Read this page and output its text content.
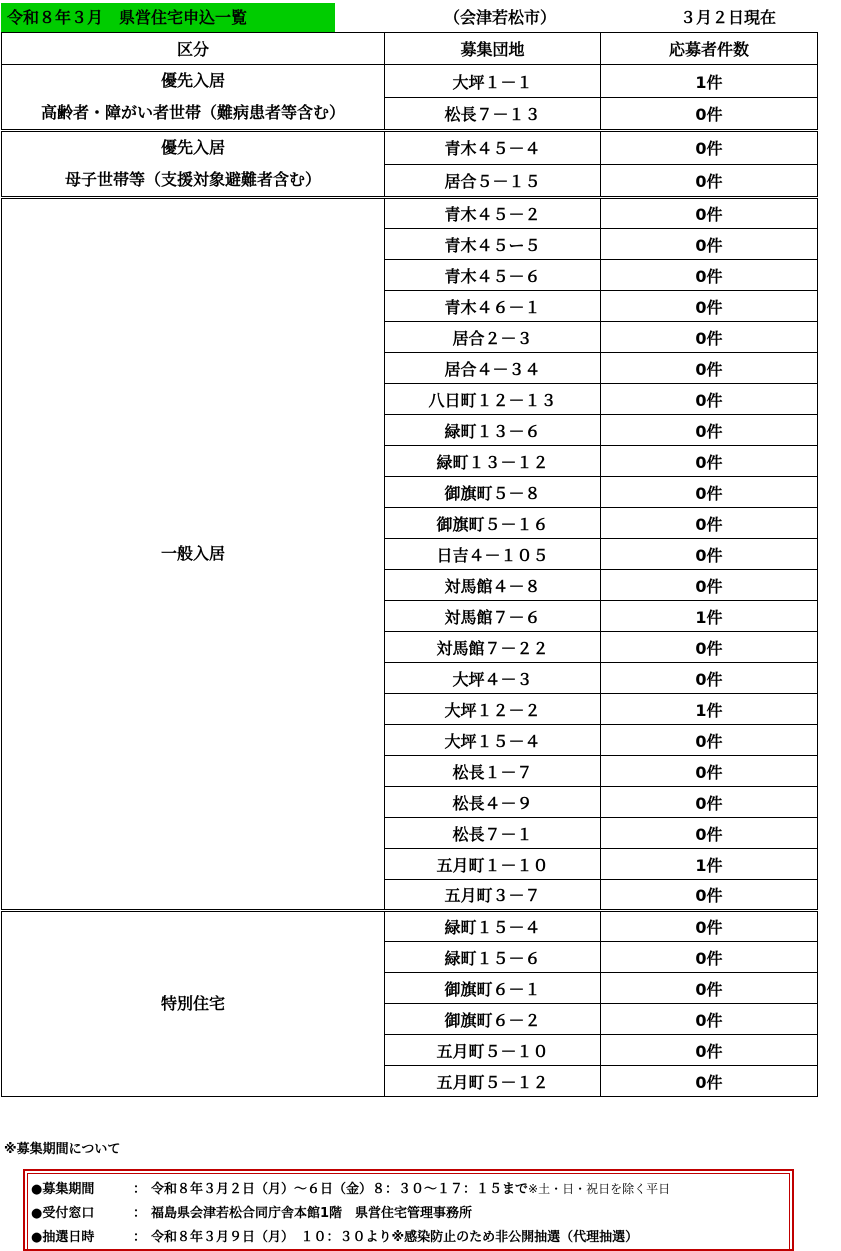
令和８年３月　県営住宅申込一覧	（会津若松市）	３月２日現在
区分	募集団地	応募者件数

優先入居
高齢者・障がい者世帯（難病患者等含む）	大坪１－１	1件
	松長７－１３	0件

優先入居
母子世帯等（支援対象避難者含む）	青木４５－４	0件
	居合５－１５	0件

一般入居	青木４５－２	0件
	青木４５ー５	0件
	青木４５－６	0件
	青木４６－１	0件
	居合２－３	0件
	居合４－３４	0件
	八日町１２－１３	0件
	緑町１３－６	0件
	緑町１３－１２	0件
	御旗町５－８	0件
	御旗町５－１６	0件
	日吉４－１０５	0件
	対馬館４－８	0件
	対馬館７－６	1件
	対馬館７－２２	0件
	大坪４－３	0件
	大坪１２－２	1件
	大坪１５－４	0件
	松長１－７	0件
	松長４－９	0件
	松長７－１	0件
	五月町１－１０	1件
	五月町３－７	0件

特別住宅	緑町１５－４	0件
	緑町１５－６	0件
	御旗町６－１	0件
	御旗町６－２	0件
	五月町５－１０	0件
	五月町５－１２	0件
※募集期間について
●募集期間	： 令和８年３月２日（月）～６日（金）８：３０～１７：１５まで※土・日・祝日を除く平日
●受付窓口	： 福島県会津若松合同庁舎本館1階　県営住宅管理事務所
●抽選日時	： 令和８年３月９日（月）　１０：３０より※感染防止のため非公開抽選（代理抽選）
